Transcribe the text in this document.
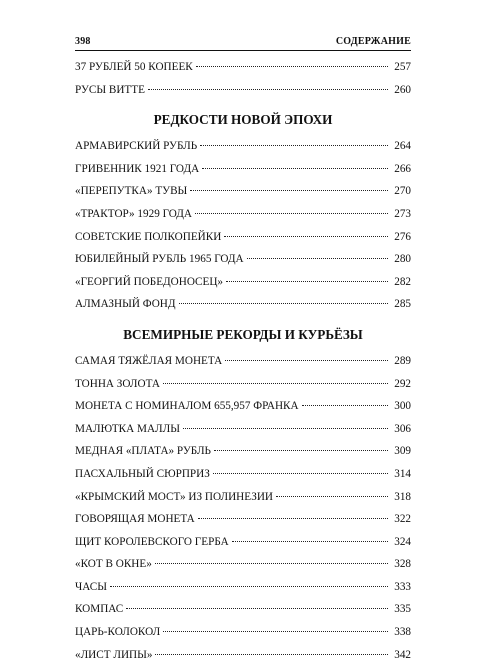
398	СОДЕРЖАНИЕ
37 РУБЛЕЙ 50 КОПЕЕК	257
РУСЫ ВИТТЕ	260
РЕДКОСТИ НОВОЙ ЭПОХИ
АРМАВИРСКИЙ РУБЛЬ	264
ГРИВЕННИК 1921 ГОДА	266
«ПЕРЕПУТКА» ТУВЫ	270
«ТРАКТОР» 1929 ГОДА	273
СОВЕТСКИЕ ПОЛКОПЕЙКИ	276
ЮБИЛЕЙНЫЙ РУБЛЬ 1965 ГОДА	280
«ГЕОРГИЙ ПОБЕДОНОСЕЦ»	282
АЛМАЗНЫЙ ФОНД	285
ВСЕМИРНЫЕ РЕКОРДЫ И КУРЬЁЗЫ
САМАЯ ТЯЖЁЛАЯ МОНЕТА	289
ТОННА ЗОЛОТА	292
МОНЕТА С НОМИНАЛОМ 655,957 ФРАНКА	300
МАЛЮТКА МАЛЛЫ	306
МЕДНАЯ «ПЛАТА» РУБЛЬ	309
ПАСХАЛЬНЫЙ СЮРПРИЗ	314
«КРЫМСКИЙ МОСТ» ИЗ ПОЛИНЕЗИИ	318
ГОВОРЯЩАЯ МОНЕТА	322
ЩИТ КОРОЛЕВСКОГО ГЕРБА	324
«КОТ В ОКНЕ»	328
ЧАСЫ	333
КОМПАС	335
ЦАРЬ-КОЛОКОЛ	338
«ЛИСТ ЛИПЫ»	342
